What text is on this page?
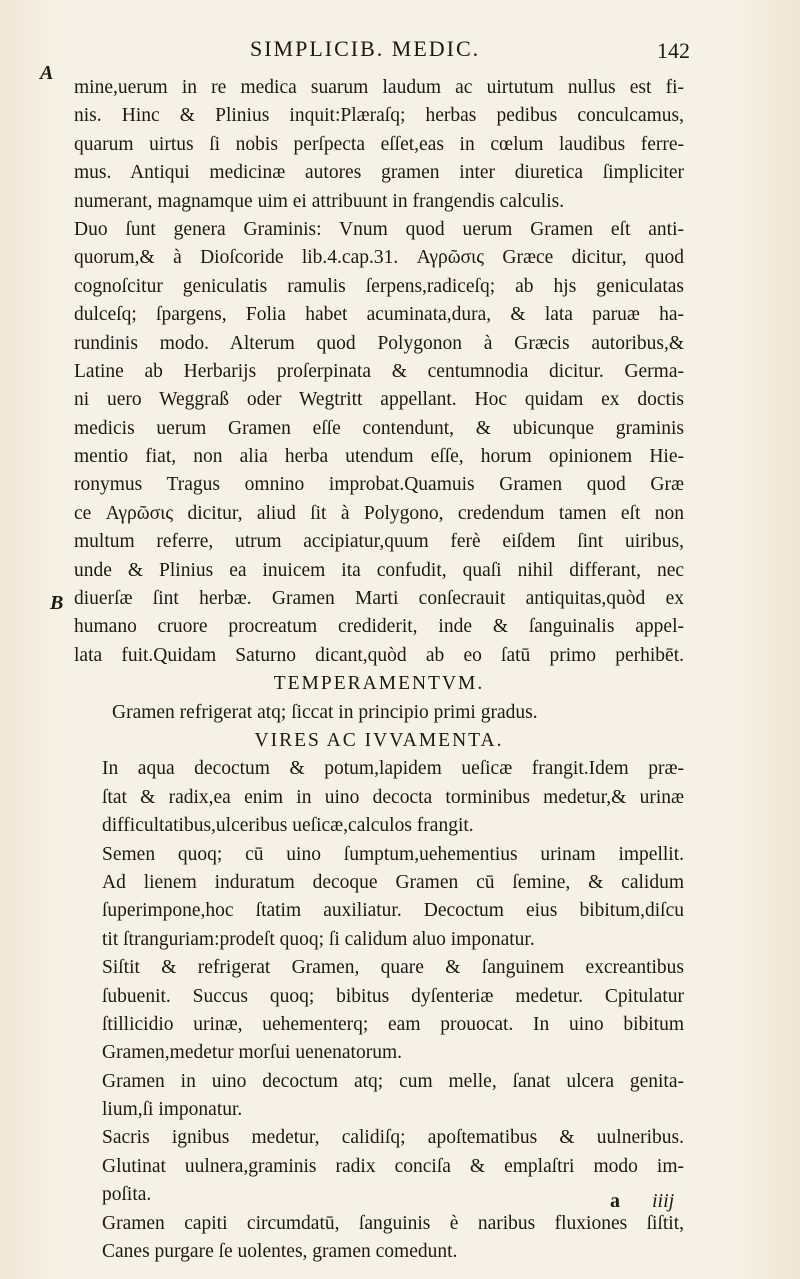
SIMPLICIB. MEDIC.	142
A
B
mine,uerum in re medica suarum laudum ac uirtutum nullus est fi-
nis. Hinc & Plinius inquit:Plæraſq; herbas pedibus conculcamus,
quarum uirtus ſi nobis perſpecta eſſet,eas in cœlum laudibus ferre-
mus. Antiqui medicinæ autores gramen inter diuretica ſimpliciter
numerant, magnamque uim ei attribuunt in frangendis calculis.
Duo ſunt genera Graminis: Vnum quod uerum Gramen eſt anti-
quorum,& à Dioſcoride lib.4.cap.31. Αγρῶσις Græce dicitur, quod
cognoſcitur geniculatis ramulis ſerpens,radiceſq; ab hjs geniculatas
dulceſq; ſpargens, Folia habet acuminata,dura, & lata paruæ ha-
rundinis modo. Alterum quod Polygonon à Græcis autoribus,&
Latine ab Herbarijs proſerpinata & centumnodia dicitur. Germa-
ni uero Weggraß oder Wegtritt appellant. Hoc quidam ex doctis
medicis uerum Gramen eſſe contendunt, & ubicunque graminis
mentio fiat, non alia herba utendum eſſe, horum opinionem Hie-
ronymus Tragus omnino improbat.Quamuis Gramen quod Græ
ce Αγρῶσις dicitur, aliud ſit à Polygono, credendum tamen eſt non
multum referre, utrum accipiatur,quum ferè eiſdem ſint uiribus,
unde & Plinius ea inuicem ita confudit, quaſi nihil differant, nec
diuerſæ ſint herbæ. Gramen Marti conſecrauit antiquitas,quòd ex
humano cruore procreatum crediderit, inde & ſanguinalis appel-
lata fuit.Quidam Saturno dicant,quòd ab eo ſatū primo perhibēt.
TEMPERAMENTVM.
Gramen refrigerat atq; ſiccat in principio primi gradus.
VIRES AC IVVAMENTA.
In aqua decoctum & potum,lapidem ueſicæ frangit.Idem præ-
ſtat & radix,ea enim in uino decocta torminibus medetur,& urinæ
difficultatibus,ulceribus ueſicæ,calculos frangit.
Semen quoq; cū uino ſumptum,uehementius urinam impellit.
Ad lienem induratum decoque Gramen cū ſemine, & calidum
ſuperimpone,hoc ſtatim auxiliatur. Decoctum eius bibitum,diſcu
tit ſtranguriam:prodeſt quoq; ſi calidum aluo imponatur.
Siſtit & refrigerat Gramen, quare & ſanguinem excreantibus
ſubuenit. Succus quoq; bibitus dyſenteriæ medetur. Cpitulatur
ſtillicidio urinæ, uehementerq; eam prouocat. In uino bibitum
Gramen,medetur morſui uenenatorum.
Gramen in uino decoctum atq; cum melle, ſanat ulcera genita-
lium,ſi imponatur.
Sacris ignibus medetur, calidiſq; apoſtematibus & uulneribus.
Glutinat uulnera,graminis radix conciſa & emplaſtri modo im-
poſita.
Gramen capiti circumdatū, ſanguinis è naribus fluxiones ſiſtit,
Canes purgare ſe uolentes, gramen comedunt.
a iiij
